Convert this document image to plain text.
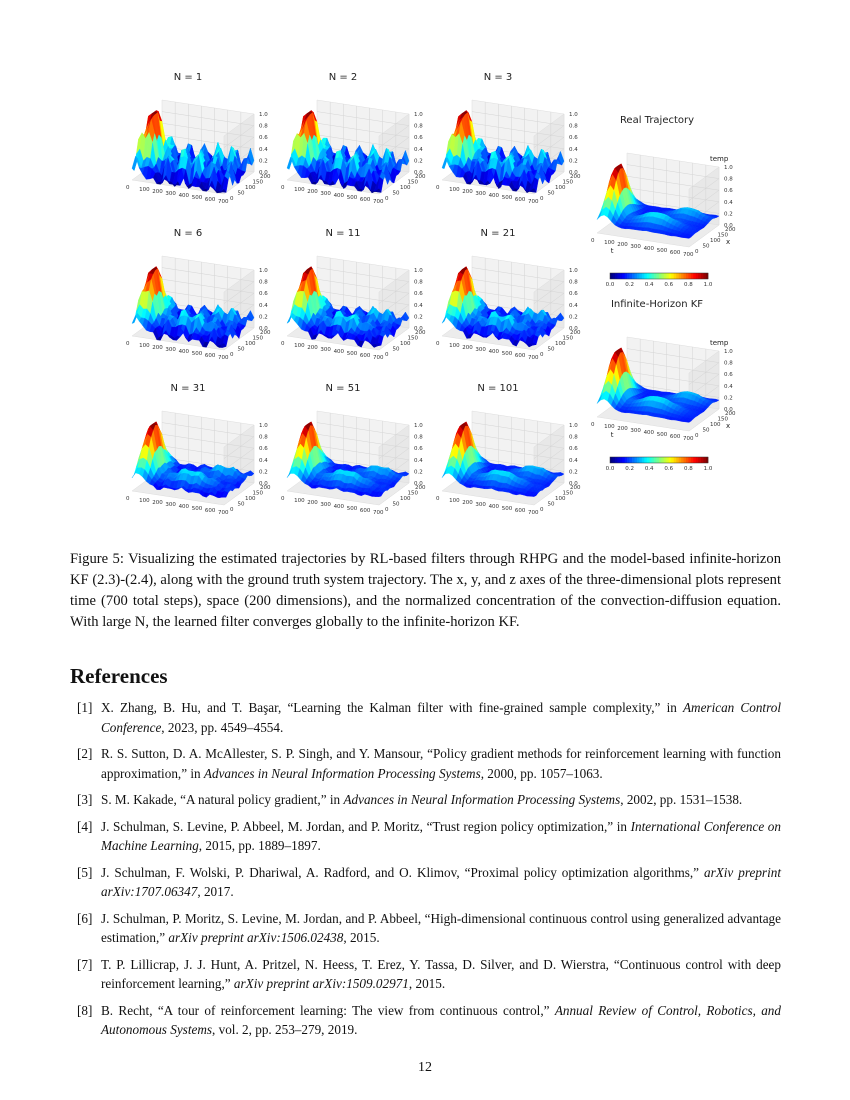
N = 1
0.0
0.2
0.4
0.6
0.8
1.0
0
50
100
150
200
0 100 200 300 400 500 600 700
N = 2
0.0
0.2
0.4
0.6
0.8
1.0
0
50
100
150
200
0 100 200 300 400 500 600 700
N = 3
0.0
0.2
0.4
0.6
0.8
1.0
0
50
100
150
200
0 100 200 300 400 500 600 700
N = 6
0.0
0.2
0.4
0.6
0.8
1.0
0
50
100
150
200
0 100 200 300 400 500 600 700
N = 11
0.0
0.2
0.4
0.6
0.8
1.0
0
50
100
150
200
0 100 200 300 400 500 600 700
N = 21
0.0
0.2
0.4
0.6
0.8
1.0
0
50
100
150
200
0 100 200 300 400 500 600 700
N = 31
0.0
0.2
0.4
0.6
0.8
1.0
0
50
100
150
200
0 100 200 300 400 500 600 700
N = 51
0.0
0.2
0.4
0.6
0.8
1.0
0
50
100
150
200
0 100 200 300 400 500 600 700
N = 101
0.0
0.2
0.4
0.6
0.8
1.0
0
50
100
150
200
0 100 200 300 400 500 600 700
Real Trajectory
0.0
0.2
0.4
0.6
0.8
1.0
0
50
100
150
200
0 100 200 300 400 500 600 700
temp
t
x
0.0 0.2 0.4 0.6 0.8 1.0
Infinite-Horizon KF
0.0
0.2
0.4
0.6
0.8
1.0
0
50
100
150
200
0 100 200 300 400 500 600 700
temp
t
x
0.0 0.2 0.4 0.6 0.8 1.0
Figure 5: Visualizing the estimated trajectories by RL-based filters through RHPG and the model-based infinite-horizon KF (2.3)-(2.4), along with the ground truth system trajectory. The x, y, and z axes of the three-dimensional plots represent time (700 total steps), space (200 dimensions), and the normalized concentration of the convection-diffusion equation. With large N, the learned filter converges globally to the infinite-horizon KF.
References
[1] X. Zhang, B. Hu, and T. Başar, “Learning the Kalman filter with fine-grained sample complexity,” in American Control Conference, 2023, pp. 4549–4554.
[2] R. S. Sutton, D. A. McAllester, S. P. Singh, and Y. Mansour, “Policy gradient methods for reinforcement learning with function approximation,” in Advances in Neural Information Processing Systems, 2000, pp. 1057–1063.
[3] S. M. Kakade, “A natural policy gradient,” in Advances in Neural Information Processing Systems, 2002, pp. 1531–1538.
[4] J. Schulman, S. Levine, P. Abbeel, M. Jordan, and P. Moritz, “Trust region policy optimization,” in International Conference on Machine Learning, 2015, pp. 1889–1897.
[5] J. Schulman, F. Wolski, P. Dhariwal, A. Radford, and O. Klimov, “Proximal policy optimization algorithms,” arXiv preprint arXiv:1707.06347, 2017.
[6] J. Schulman, P. Moritz, S. Levine, M. Jordan, and P. Abbeel, “High-dimensional continuous control using generalized advantage estimation,” arXiv preprint arXiv:1506.02438, 2015.
[7] T. P. Lillicrap, J. J. Hunt, A. Pritzel, N. Heess, T. Erez, Y. Tassa, D. Silver, and D. Wierstra, “Continuous control with deep reinforcement learning,” arXiv preprint arXiv:1509.02971, 2015.
[8] B. Recht, “A tour of reinforcement learning: The view from continuous control,” Annual Review of Control, Robotics, and Autonomous Systems, vol. 2, pp. 253–279, 2019.
12
